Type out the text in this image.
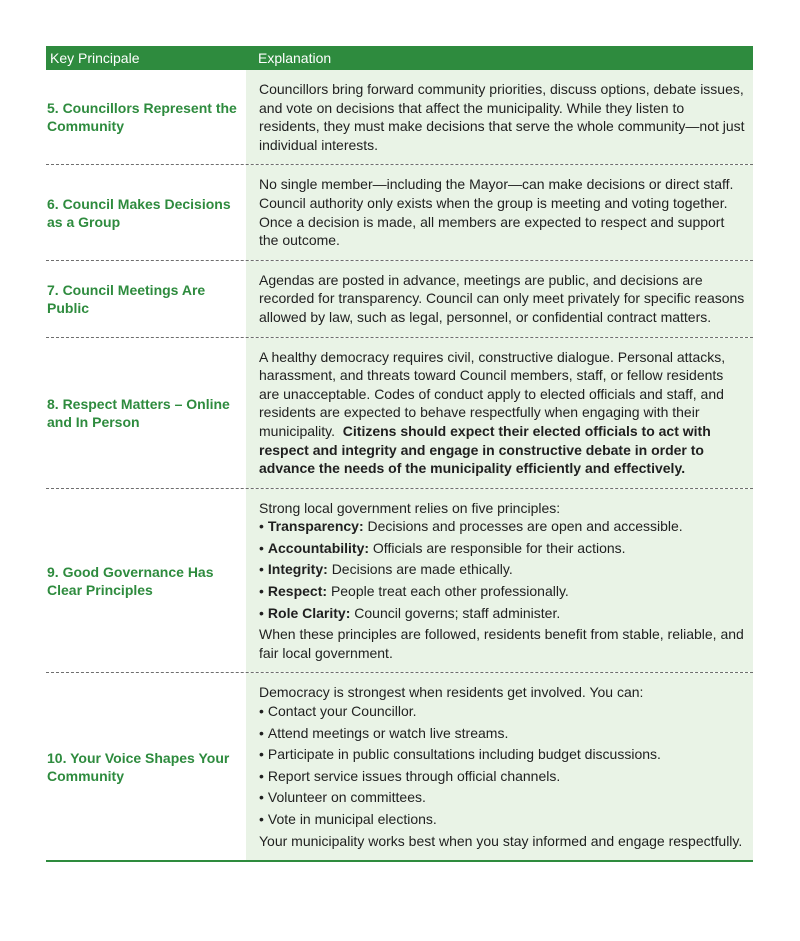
Key Principale	Explanation
5. Councillors Represent the Community

Councillors bring forward community priorities, discuss options, debate issues, and vote on decisions that affect the municipality. While they listen to residents, they must make decisions that serve the whole community—not just individual interests.

6. Council Makes Decisions as a Group

No single member—including the Mayor—can make decisions or direct staff. Council authority only exists when the group is meeting and voting together. Once a decision is made, all members are expected to respect and support the outcome.

7. Council Meetings Are Public

Agendas are posted in advance, meetings are public, and decisions are recorded for transparency. Council can only meet privately for specific reasons allowed by law, such as legal, personnel, or confidential contract matters.

8. Respect Matters – Online and In Person

A healthy democracy requires civil, constructive dialogue. Personal attacks, harassment, and threats toward Council members, staff, or fellow residents are unacceptable. Codes of conduct apply to elected officials and staff, and residents are expected to behave respectfully when engaging with their municipality. Citizens should expect their elected officials to act with respect and integrity and engage in constructive debate in order to advance the needs of the municipality efficiently and effectively.

9. Good Governance Has Clear Principles

Strong local government relies on five principles:

• Transparency: Decisions and processes are open and accessible.
• Accountability: Officials are responsible for their actions.
• Integrity: Decisions are made ethically.
• Respect: People treat each other professionally.
• Role Clarity: Council governs; staff administer.

When these principles are followed, residents benefit from stable, reliable, and fair local government.

10. Your Voice Shapes Your Community

Democracy is strongest when residents get involved. You can:

• Contact your Councillor.
• Attend meetings or watch live streams.
• Participate in public consultations including budget discussions.
• Report service issues through official channels.
• Volunteer on committees.
• Vote in municipal elections.

Your municipality works best when you stay informed and engage respectfully.
